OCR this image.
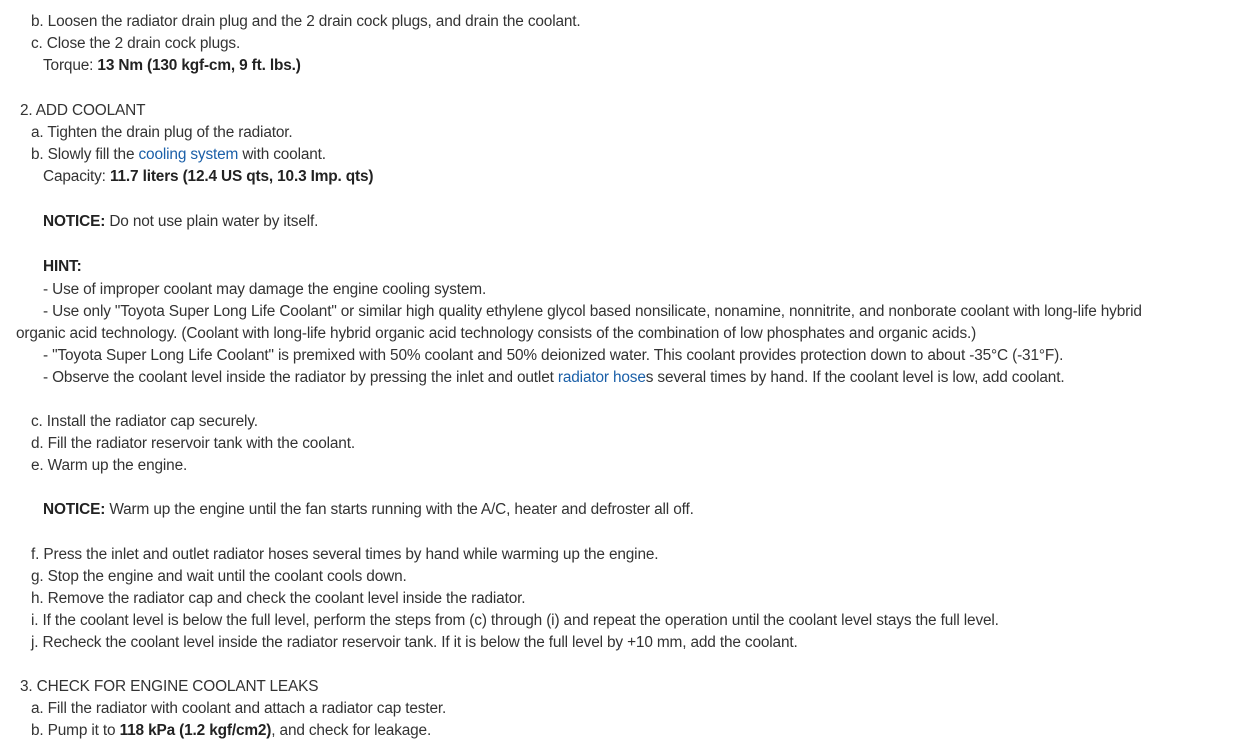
b. Loosen the radiator drain plug and the 2 drain cock plugs, and drain the coolant.
c. Close the 2 drain cock plugs.
Torque: 13 Nm (130 kgf-cm, 9 ft. lbs.)
2. ADD COOLANT
a. Tighten the drain plug of the radiator.
b. Slowly fill the cooling system with coolant.
Capacity: 11.7 liters (12.4 US qts, 10.3 Imp. qts)
NOTICE: Do not use plain water by itself.
HINT:
- Use of improper coolant may damage the engine cooling system.
- Use only "Toyota Super Long Life Coolant" or similar high quality ethylene glycol based nonsilicate, nonamine, nonnitrite, and nonborate coolant with long-life hybrid
organic acid technology. (Coolant with long-life hybrid organic acid technology consists of the combination of low phosphates and organic acids.)
- "Toyota Super Long Life Coolant" is premixed with 50% coolant and 50% deionized water. This coolant provides protection down to about -35°C (-31°F).
- Observe the coolant level inside the radiator by pressing the inlet and outlet radiator hoses several times by hand. If the coolant level is low, add coolant.
c. Install the radiator cap securely.
d. Fill the radiator reservoir tank with the coolant.
e. Warm up the engine.
NOTICE: Warm up the engine until the fan starts running with the A/C, heater and defroster all off.
f. Press the inlet and outlet radiator hoses several times by hand while warming up the engine.
g. Stop the engine and wait until the coolant cools down.
h. Remove the radiator cap and check the coolant level inside the radiator.
i. If the coolant level is below the full level, perform the steps from (c) through (i) and repeat the operation until the coolant level stays the full level.
j. Recheck the coolant level inside the radiator reservoir tank. If it is below the full level by +10 mm, add the coolant.
3. CHECK FOR ENGINE COOLANT LEAKS
a. Fill the radiator with coolant and attach a radiator cap tester.
b. Pump it to 118 kPa (1.2 kgf/cm2), and check for leakage.
